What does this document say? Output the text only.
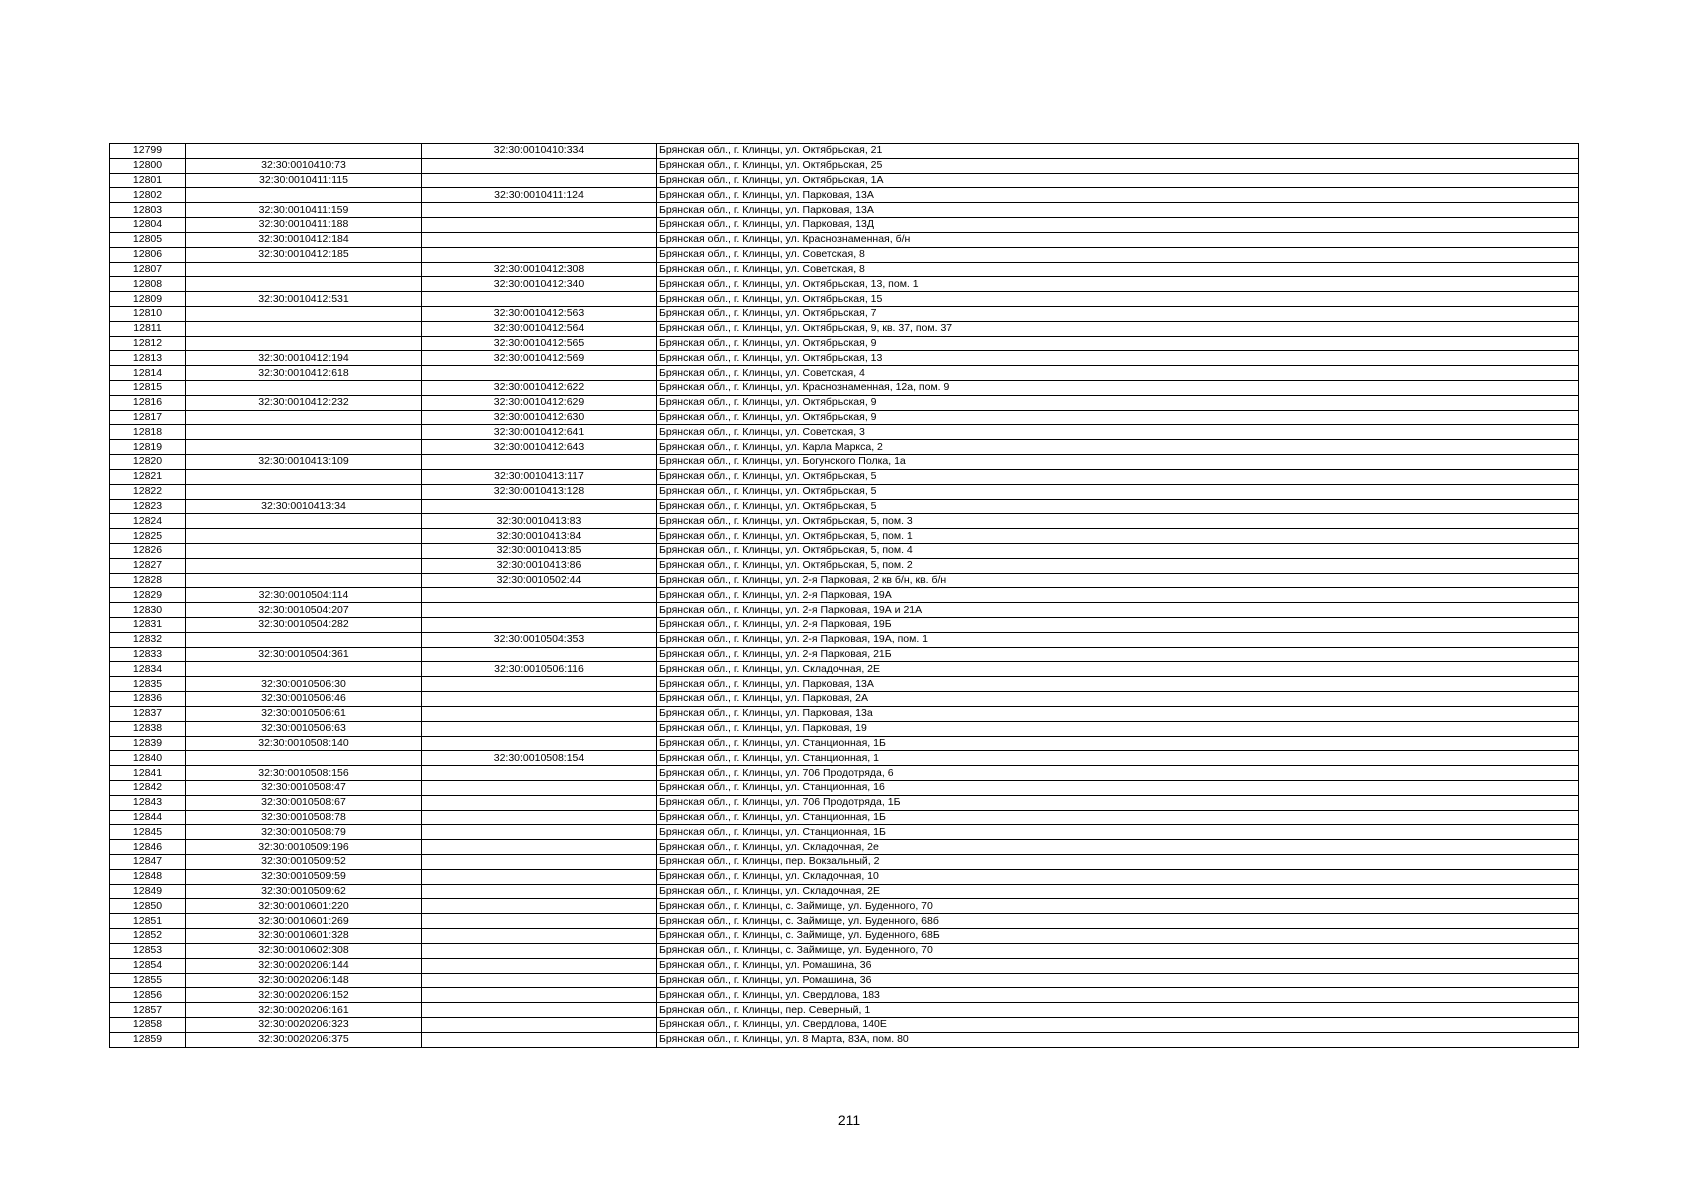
12799		32:30:0010410:334	Брянская обл., г. Клинцы, ул. Октябрьская, 21
12800	32:30:0010410:73		Брянская обл., г. Клинцы, ул. Октябрьская, 25
12801	32:30:0010411:115		Брянская обл., г. Клинцы, ул. Октябрьская, 1А
12802		32:30:0010411:124	Брянская обл., г. Клинцы, ул. Парковая, 13А
12803	32:30:0010411:159		Брянская обл., г. Клинцы, ул. Парковая, 13А
12804	32:30:0010411:188		Брянская обл., г. Клинцы, ул. Парковая, 13Д
12805	32:30:0010412:184		Брянская обл., г. Клинцы, ул. Краснознаменная, б/н
12806	32:30:0010412:185		Брянская обл., г. Клинцы, ул. Советская, 8
12807		32:30:0010412:308	Брянская обл., г. Клинцы, ул. Советская, 8
12808		32:30:0010412:340	Брянская обл., г. Клинцы, ул. Октябрьская, 13, пом. 1
12809	32:30:0010412:531		Брянская обл., г. Клинцы, ул. Октябрьская, 15
12810		32:30:0010412:563	Брянская обл., г. Клинцы, ул. Октябрьская, 7
12811		32:30:0010412:564	Брянская обл., г. Клинцы, ул. Октябрьская, 9, кв. 37, пом. 37
12812		32:30:0010412:565	Брянская обл., г. Клинцы, ул. Октябрьская, 9
12813	32:30:0010412:194	32:30:0010412:569	Брянская обл., г. Клинцы, ул. Октябрьская, 13
12814	32:30:0010412:618		Брянская обл., г. Клинцы, ул. Советская, 4
12815		32:30:0010412:622	Брянская обл., г. Клинцы, ул. Краснознаменная, 12а, пом. 9
12816	32:30:0010412:232	32:30:0010412:629	Брянская обл., г. Клинцы, ул. Октябрьская, 9
12817		32:30:0010412:630	Брянская обл., г. Клинцы, ул. Октябрьская, 9
12818		32:30:0010412:641	Брянская обл., г. Клинцы, ул. Советская, 3
12819		32:30:0010412:643	Брянская обл., г. Клинцы, ул. Карла Маркса, 2
12820	32:30:0010413:109		Брянская обл., г. Клинцы, ул. Богунского Полка, 1а
12821		32:30:0010413:117	Брянская обл., г. Клинцы, ул. Октябрьская, 5
12822		32:30:0010413:128	Брянская обл., г. Клинцы, ул. Октябрьская, 5
12823	32:30:0010413:34		Брянская обл., г. Клинцы, ул. Октябрьская, 5
12824		32:30:0010413:83	Брянская обл., г. Клинцы, ул. Октябрьская, 5, пом. 3
12825		32:30:0010413:84	Брянская обл., г. Клинцы, ул. Октябрьская, 5, пом. 1
12826		32:30:0010413:85	Брянская обл., г. Клинцы, ул. Октябрьская, 5, пом. 4
12827		32:30:0010413:86	Брянская обл., г. Клинцы, ул. Октябрьская, 5, пом. 2
12828		32:30:0010502:44	Брянская обл., г. Клинцы, ул. 2-я Парковая, 2 кв б/н, кв. б/н
12829	32:30:0010504:114		Брянская обл., г. Клинцы, ул. 2-я Парковая, 19А
12830	32:30:0010504:207		Брянская обл., г. Клинцы, ул. 2-я Парковая, 19А и 21А
12831	32:30:0010504:282		Брянская обл., г. Клинцы, ул. 2-я Парковая, 19Б
12832		32:30:0010504:353	Брянская обл., г. Клинцы, ул. 2-я Парковая, 19А, пом. 1
12833	32:30:0010504:361		Брянская обл., г. Клинцы, ул. 2-я Парковая, 21Б
12834		32:30:0010506:116	Брянская обл., г. Клинцы, ул. Складочная, 2Е
12835	32:30:0010506:30		Брянская обл., г. Клинцы, ул. Парковая, 13А
12836	32:30:0010506:46		Брянская обл., г. Клинцы, ул. Парковая, 2А
12837	32:30:0010506:61		Брянская обл., г. Клинцы, ул. Парковая, 13а
12838	32:30:0010506:63		Брянская обл., г. Клинцы, ул. Парковая, 19
12839	32:30:0010508:140		Брянская обл., г. Клинцы, ул. Станционная, 1Б
12840		32:30:0010508:154	Брянская обл., г. Клинцы, ул. Станционная, 1
12841	32:30:0010508:156		Брянская обл., г. Клинцы, ул. 706 Продотряда, 6
12842	32:30:0010508:47		Брянская обл., г. Клинцы, ул. Станционная, 16
12843	32:30:0010508:67		Брянская обл., г. Клинцы, ул. 706 Продотряда, 1Б
12844	32:30:0010508:78		Брянская обл., г. Клинцы, ул. Станционная, 1Б
12845	32:30:0010508:79		Брянская обл., г. Клинцы, ул. Станционная, 1Б
12846	32:30:0010509:196		Брянская обл., г. Клинцы, ул. Складочная, 2е
12847	32:30:0010509:52		Брянская обл., г. Клинцы, пер. Вокзальный, 2
12848	32:30:0010509:59		Брянская обл., г. Клинцы, ул. Складочная, 10
12849	32:30:0010509:62		Брянская обл., г. Клинцы, ул. Складочная, 2Е
12850	32:30:0010601:220		Брянская обл., г. Клинцы, с. Займище, ул. Буденного, 70
12851	32:30:0010601:269		Брянская обл., г. Клинцы, с. Займище, ул. Буденного, 68б
12852	32:30:0010601:328		Брянская обл., г. Клинцы, с. Займище, ул. Буденного, 68Б
12853	32:30:0010602:308		Брянская обл., г. Клинцы, с. Займище, ул. Буденного, 70
12854	32:30:0020206:144		Брянская обл., г. Клинцы, ул. Ромашина, 36
12855	32:30:0020206:148		Брянская обл., г. Клинцы, ул. Ромашина, 36
12856	32:30:0020206:152		Брянская обл., г. Клинцы, ул. Свердлова, 183
12857	32:30:0020206:161		Брянская обл., г. Клинцы, пер. Северный, 1
12858	32:30:0020206:323		Брянская обл., г. Клинцы, ул. Свердлова, 140Е
12859	32:30:0020206:375		Брянская обл., г. Клинцы, ул. 8 Марта, 83А, пом. 80
211
